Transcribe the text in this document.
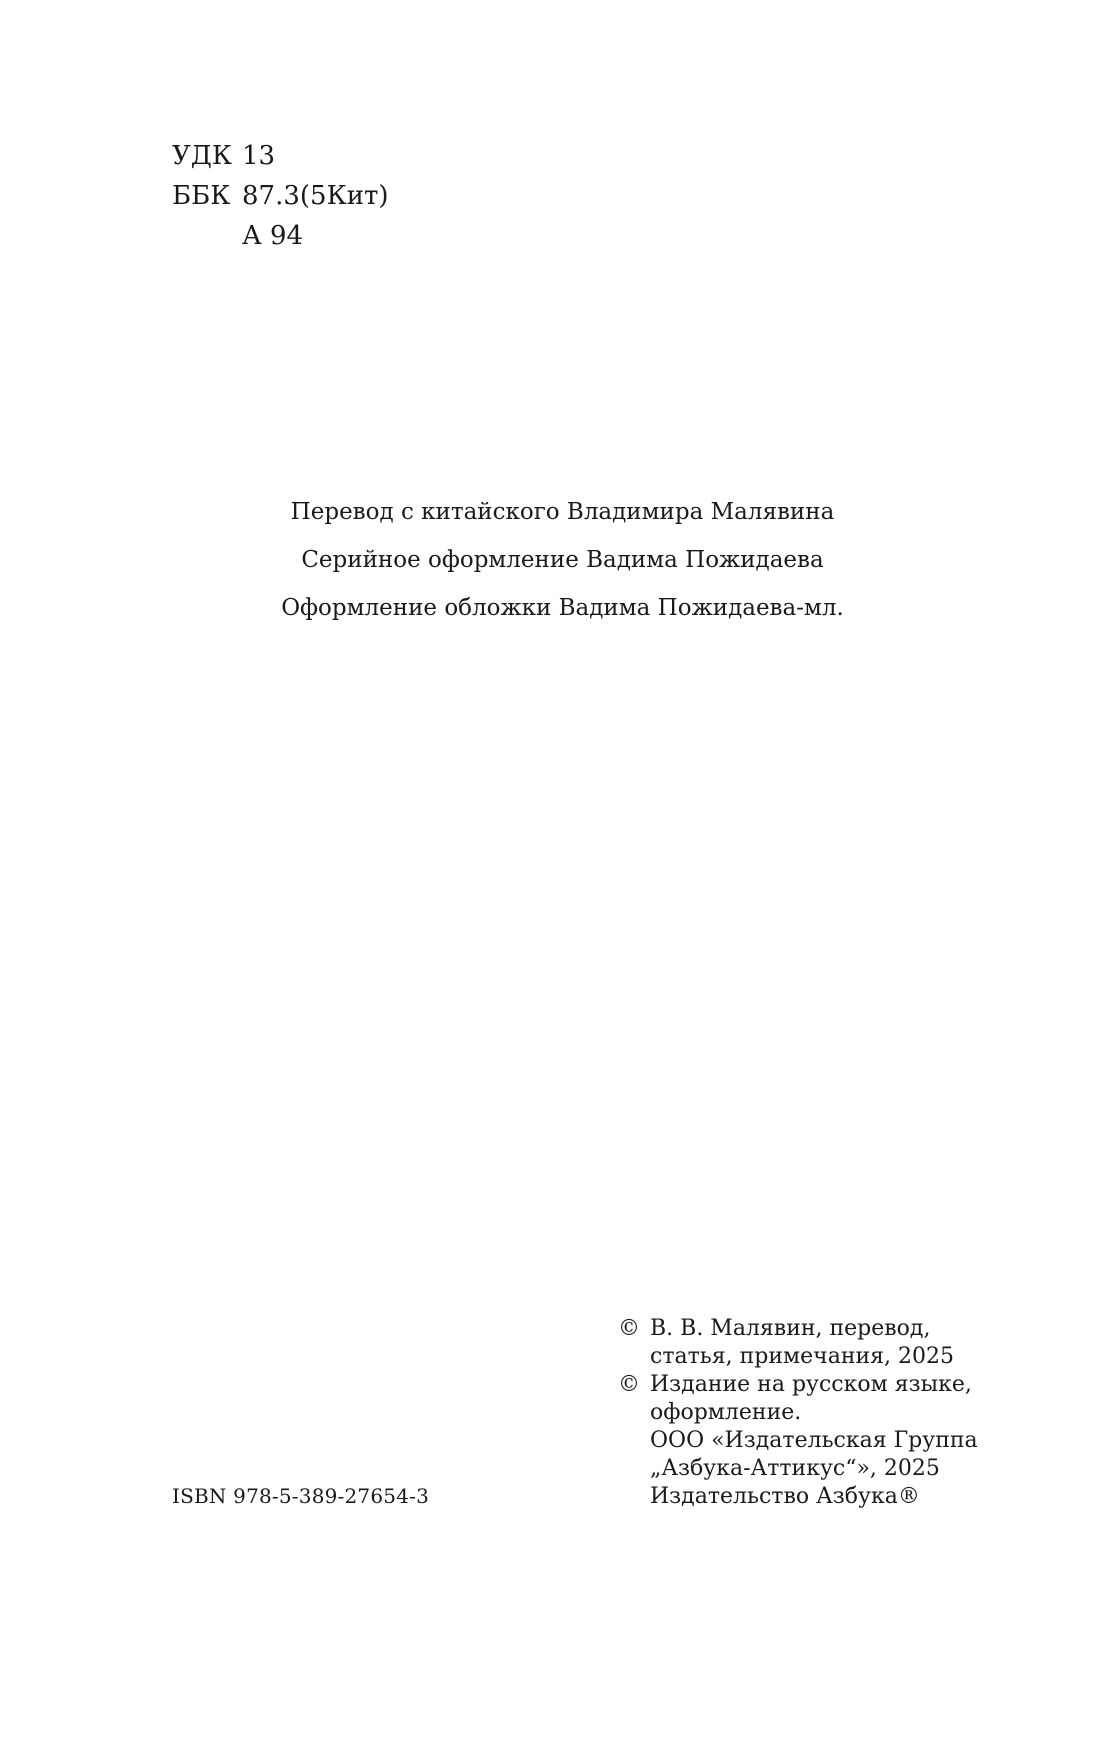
УДК 13
ББК 87.3(5Кит)
А 94
Перевод с китайского Владимира Малявина
Серийное оформление Вадима Пожидаева
Оформление обложки Вадима Пожидаева-мл.
© В. В. Малявин, перевод,
статья, примечания, 2025
© Издание на русском языке,
оформление.
ООО «Издательская Группа
„Азбука-Аттикус“», 2025
Издательство Азбука®
ISBN 978-5-389-27654-3
